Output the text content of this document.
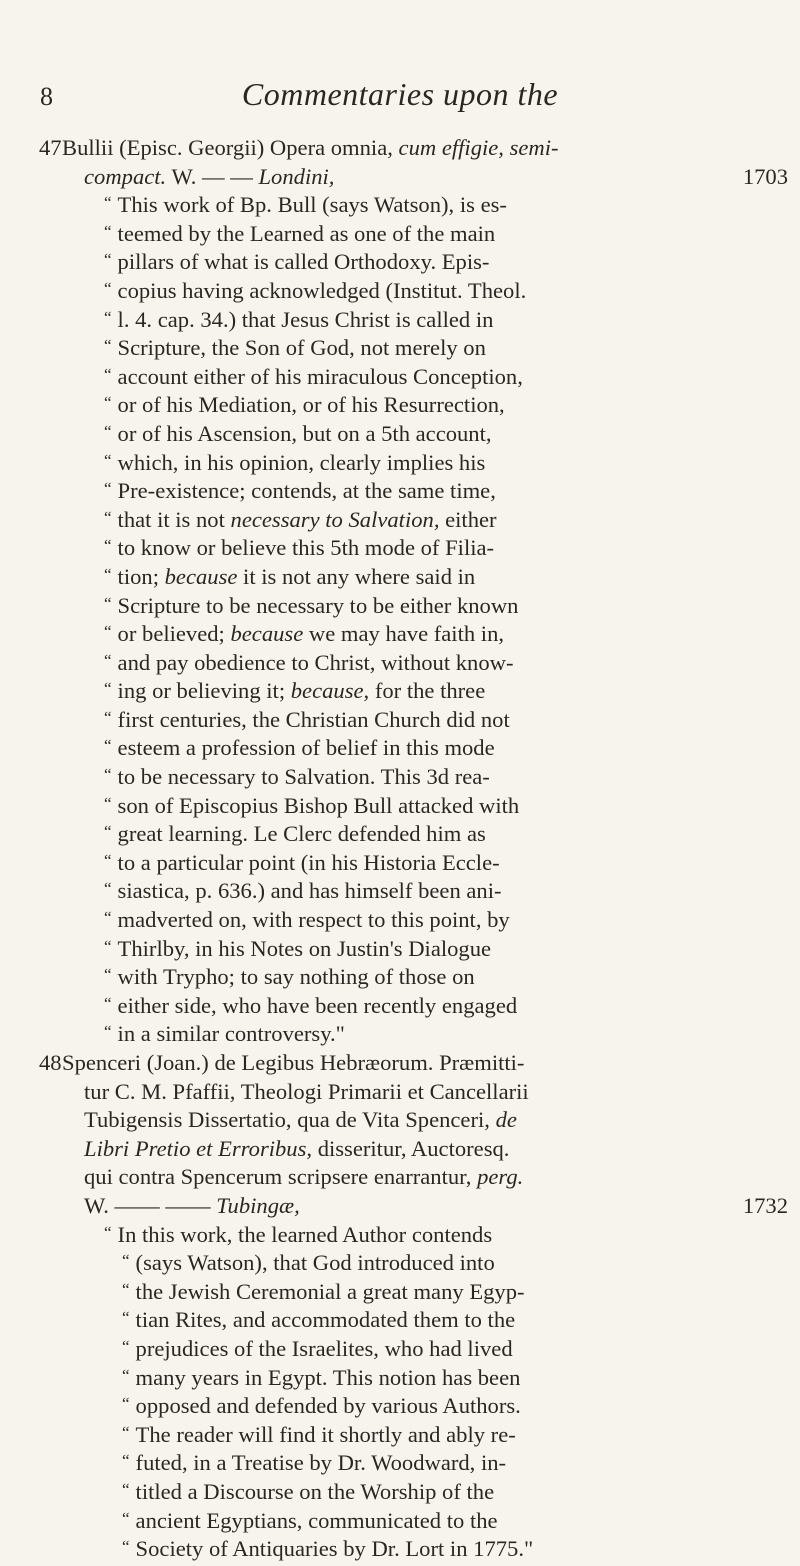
8	Commentaries upon the
47 Bullii (Episc. Georgii) Opera omnia, cum effigie, semi-
compact. W. — — Londini,	1703
“ This work of Bp. Bull (says Watson), is es-
“ teemed by the Learned as one of the main
“ pillars of what is called Orthodoxy. Epis-
“ copius having acknowledged (Institut. Theol.
“ l. 4. cap. 34.) that Jesus Christ is called in
“ Scripture, the Son of God, not merely on
“ account either of his miraculous Conception,
“ or of his Mediation, or of his Resurrection,
“ or of his Ascension, but on a 5th account,
“ which, in his opinion, clearly implies his
“ Pre-existence; contends, at the same time,
“ that it is not necessary to Salvation, either
“ to know or believe this 5th mode of Filia-
“ tion; because it is not any where said in
“ Scripture to be necessary to be either known
“ or believed; because we may have faith in,
“ and pay obedience to Christ, without know-
“ ing or believing it; because, for the three
“ first centuries, the Christian Church did not
“ esteem a profession of belief in this mode
“ to be necessary to Salvation. This 3d rea-
“ son of Episcopius Bishop Bull attacked with
“ great learning. Le Clerc defended him as
“ to a particular point (in his Historia Eccle-
“ siastica, p. 636.) and has himself been ani-
“ madverted on, with respect to this point, by
“ Thirlby, in his Notes on Justin's Dialogue
“ with Trypho; to say nothing of those on
“ either side, who have been recently engaged
“ in a similar controversy."
48 Spenceri (Joan.) de Legibus Hebræorum. Præmitti-
tur C. M. Pfaffii, Theologi Primarii et Cancellarii
Tubigensis Dissertatio, qua de Vita Spenceri, de
Libri Pretio et Erroribus, disseritur, Auctoresq.
qui contra Spencerum scripsere enarrantur, perg.
W. —— —— Tubingæ,	1732
“ In this work, the learned Author contends
“ (says Watson), that God introduced into
“ the Jewish Ceremonial a great many Egyp-
“ tian Rites, and accommodated them to the
“ prejudices of the Israelites, who had lived
“ many years in Egypt. This notion has been
“ opposed and defended by various Authors.
“ The reader will find it shortly and ably re-
“ futed, in a Treatise by Dr. Woodward, in-
“ titled a Discourse on the Worship of the
“ ancient Egyptians, communicated to the
“ Society of Antiquaries by Dr. Lort in 1775."
